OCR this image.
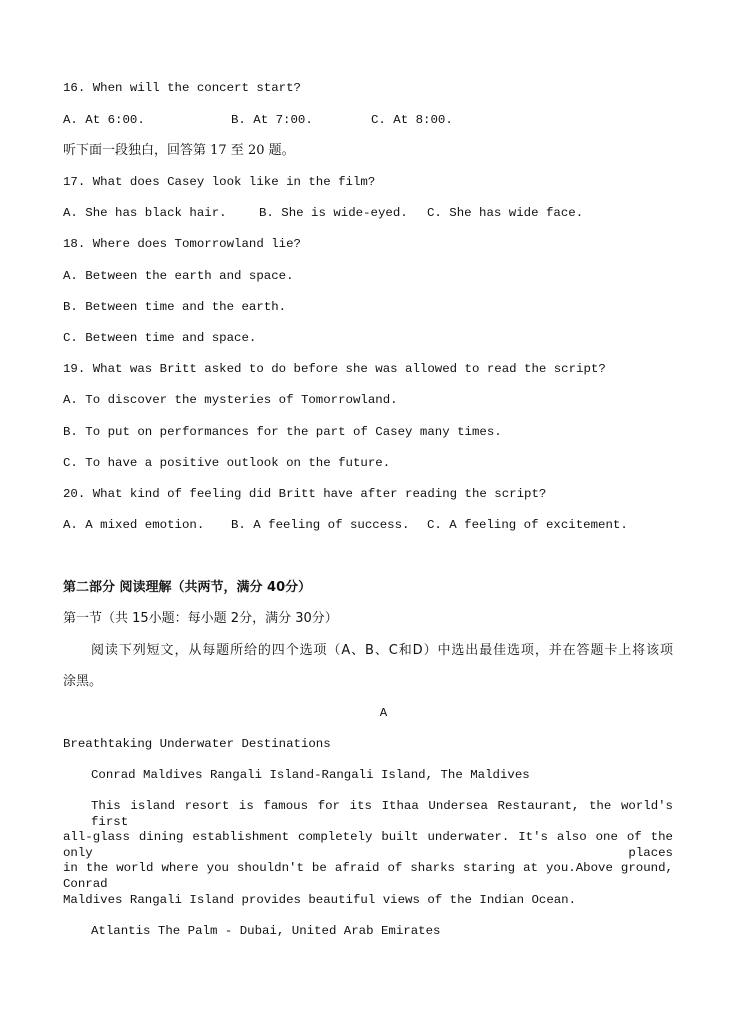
16. When will the concert start?
A. At 6:00.	B. At 7:00.	C. At 8:00.
听下面一段独白，回答第 17 至 20 题。
17. What does Casey look like in the film?
A. She has black hair.	B. She is wide-eyed. C. She has wide face.
18. Where does Tomorrowland lie?
A. Between the earth and space.
B. Between time and the earth.
C. Between time and space.
19. What was Britt asked to do before she was allowed to read the script?
A. To discover the mysteries of Tomorrowland.
B. To put on performances for the part of Casey many times.
C. To have a positive outlook on the future.
20. What kind of feeling did Britt have after reading the script?
A. A mixed emotion. B. A feeling of success. C. A feeling of excitement.
第二部分 阅读理解（共两节，满分 40分）
第一节（共 15小题：每小题 2分，满分 30分）
阅读下列短文，从每题所给的四个选项（A、B、C和D）中选出最佳选项，并在答题卡上将该项
涂黑。
A
Breathtaking Underwater Destinations
Conrad Maldives Rangali Island-Rangali Island, The Maldives
This island resort is famous for its Ithaa Undersea Restaurant, the world's first
all-glass dining establishment completely built underwater. It's also one of the only places
in the world where you shouldn't be afraid of sharks staring at you.Above ground, Conrad
Maldives Rangali Island provides beautiful views of the Indian Ocean.
Atlantis The Palm - Dubai, United Arab Emirates
